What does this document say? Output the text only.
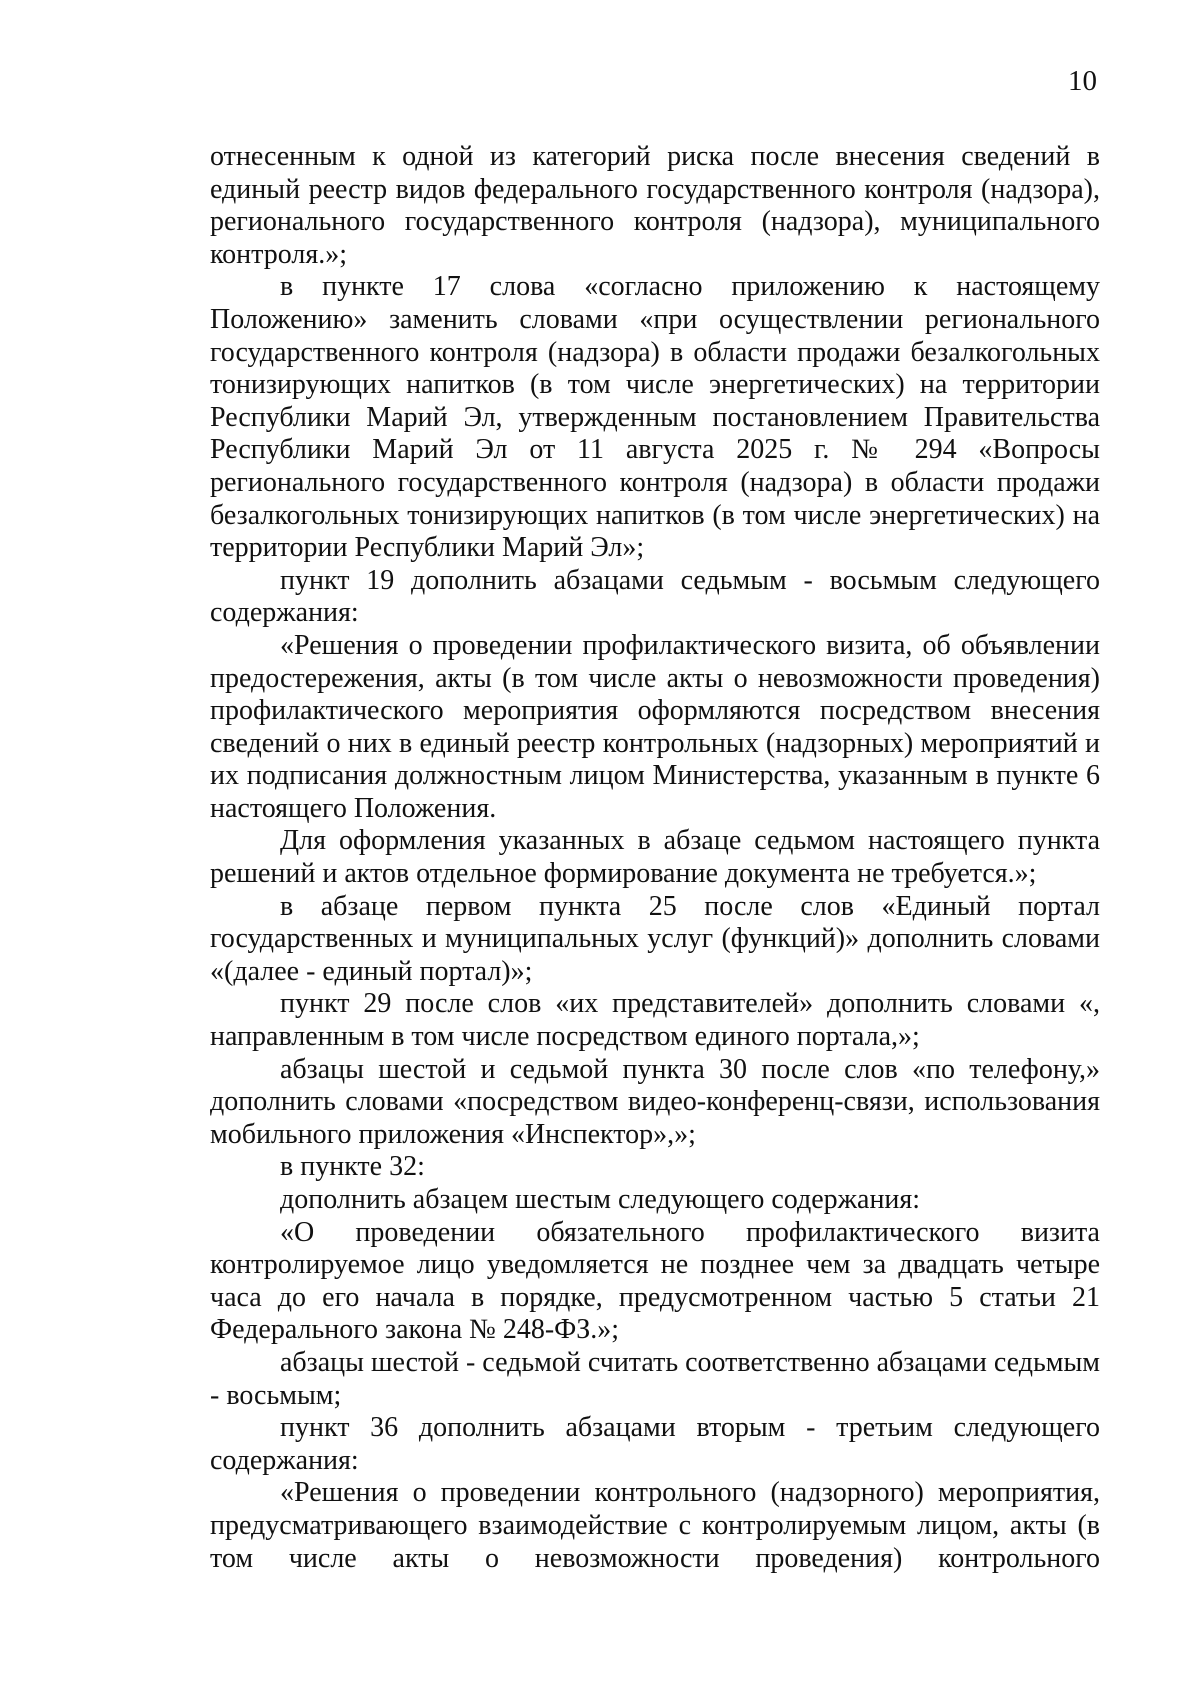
10

отнесенным к одной из категорий риска после внесения сведений в единый реестр видов федерального государственного контроля (надзора), регионального государственного контроля (надзора), муниципального контроля.»;

в пункте 17 слова «согласно приложению к настоящему Положению» заменить словами «при осуществлении регионального государственного контроля (надзора) в области продажи безалкогольных тонизирующих напитков (в том числе энергетических) на территории Республики Марий Эл, утвержденным постановлением Правительства Республики Марий Эл от 11 августа 2025 г. № 294 «Вопросы регионального государственного контроля (надзора) в области продажи безалкогольных тонизирующих напитков (в том числе энергетических) на территории Республики Марий Эл»;

пункт 19 дополнить абзацами седьмым - восьмым следующего содержания:

«Решения о проведении профилактического визита, об объявлении предостережения, акты (в том числе акты о невозможности проведения) профилактического мероприятия оформляются посредством внесения сведений о них в единый реестр контрольных (надзорных) мероприятий и их подписания должностным лицом Министерства, указанным в пункте 6 настоящего Положения.

Для оформления указанных в абзаце седьмом настоящего пункта решений и актов отдельное формирование документа не требуется.»;

в абзаце первом пункта 25 после слов «Единый портал государственных и муниципальных услуг (функций)» дополнить словами «(далее - единый портал)»;

пункт 29 после слов «их представителей» дополнить словами «, направленным в том числе посредством единого портала,»;

абзацы шестой и седьмой пункта 30 после слов «по телефону,» дополнить словами «посредством видео-конференц-связи, использования мобильного приложения «Инспектор»,»;

в пункте 32:

дополнить абзацем шестым следующего содержания:

«О проведении обязательного профилактического визита контролируемое лицо уведомляется не позднее чем за двадцать четыре часа до его начала в порядке, предусмотренном частью 5 статьи 21 Федерального закона № 248-ФЗ.»;

абзацы шестой - седьмой считать соответственно абзацами седьмым - восьмым;

пункт 36 дополнить абзацами вторым - третьим следующего содержания:

«Решения о проведении контрольного (надзорного) мероприятия, предусматривающего взаимодействие с контролируемым лицом, акты (в том числе акты о невозможности проведения) контрольного
